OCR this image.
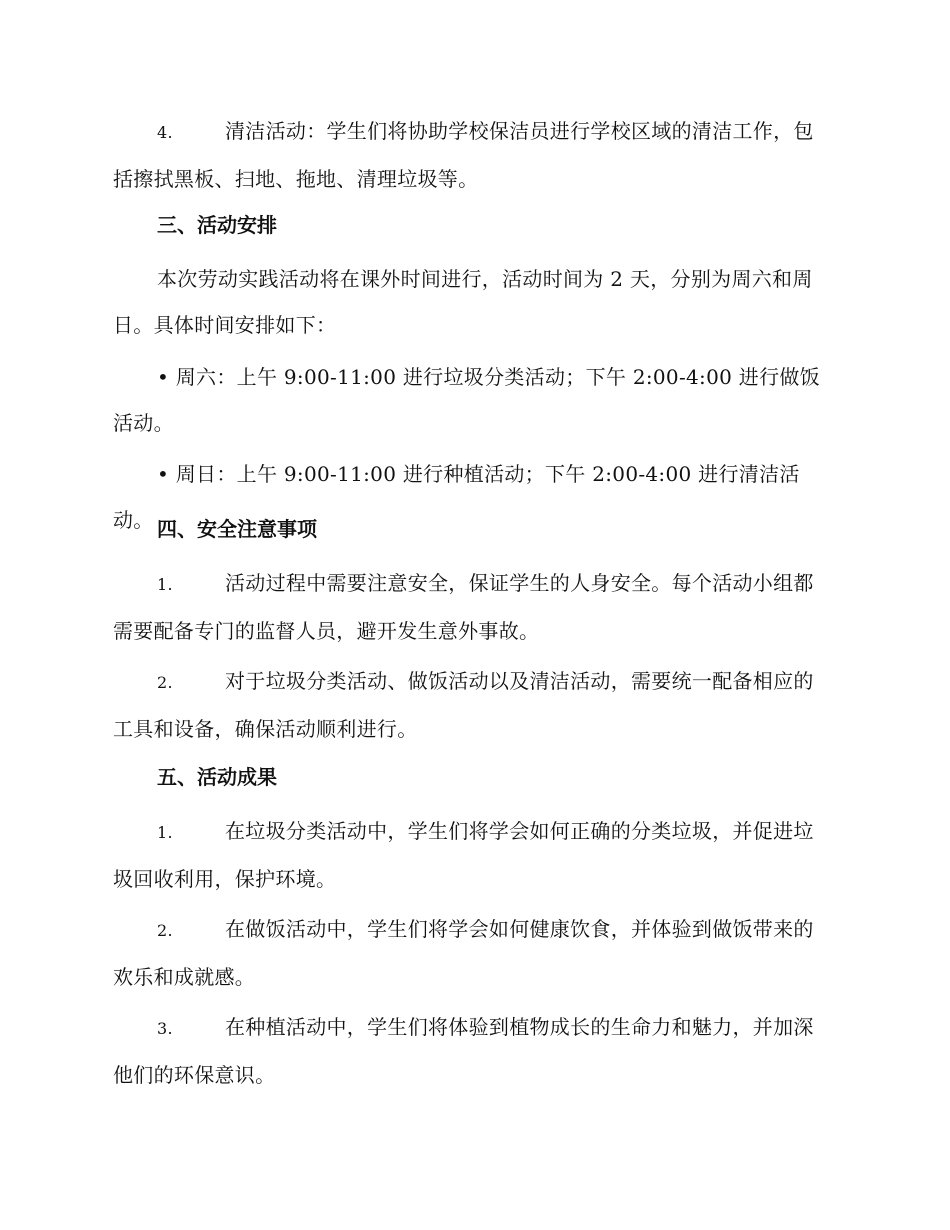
4.	清洁活动：学生们将协助学校保洁员进行学校区域的清洁工作，包括擦拭黑板、扫地、拖地、清理垃圾等。

三、活动安排

本次劳动实践活动将在课外时间进行，活动时间为 2 天，分别为周六和周日。具体时间安排如下：

• 周六：上午 9:00-11:00 进行垃圾分类活动；下午 2:00-4:00 进行做饭活动。

• 周日：上午 9:00-11:00 进行种植活动；下午 2:00-4:00 进行清洁活动。 四、安全注意事项

1.	活动过程中需要注意安全，保证学生的人身安全。每个活动小组都需要配备专门的监督人员，避开发生意外事故。

2.	对于垃圾分类活动、做饭活动以及清洁活动，需要统一配备相应的工具和设备，确保活动顺利进行。

五、活动成果

1.	在垃圾分类活动中，学生们将学会如何正确的分类垃圾，并促进垃圾回收利用，保护环境。

2.	在做饭活动中，学生们将学会如何健康饮食，并体验到做饭带来的欢乐和成就感。

3.	在种植活动中，学生们将体验到植物成长的生命力和魅力，并加深他们的环保意识。
